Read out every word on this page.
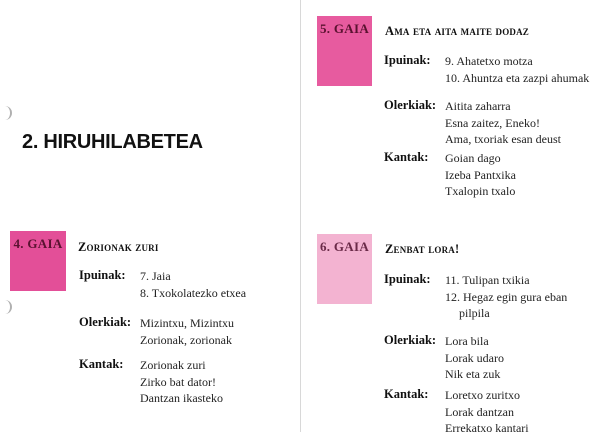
2. HIRUHILABETEA
4. GAIA Zorionak zuri
Ipuinak: 7. Jaia
8. Txokolatezko etxea
Olerkiak: Mizintxu, Mizintxu
Zorionak, zorionak
Kantak: Zorionak zuri
Zirko bat dator!
Dantzan ikasteko
5. GAIA Ama eta aita maite dodaz
Ipuinak: 9. Ahatetxo motza
10. Ahuntza eta zazpi ahumak
Olerkiak: Aitita zaharra
Esna zaitez, Eneko!
Ama, txoriak esan deust
Kantak: Goian dago
Izeba Pantxika
Txalopin txalo
6. GAIA Zenbat lora!
Ipuinak: 11. Tulipan txikia
12. Hegaz egin gura eban
pilpila
Olerkiak: Lora bila
Lorak udaro
Nik eta zuk
Kantak: Loretxo zuritxo
Lorak dantzan
Errekatxo kantari
